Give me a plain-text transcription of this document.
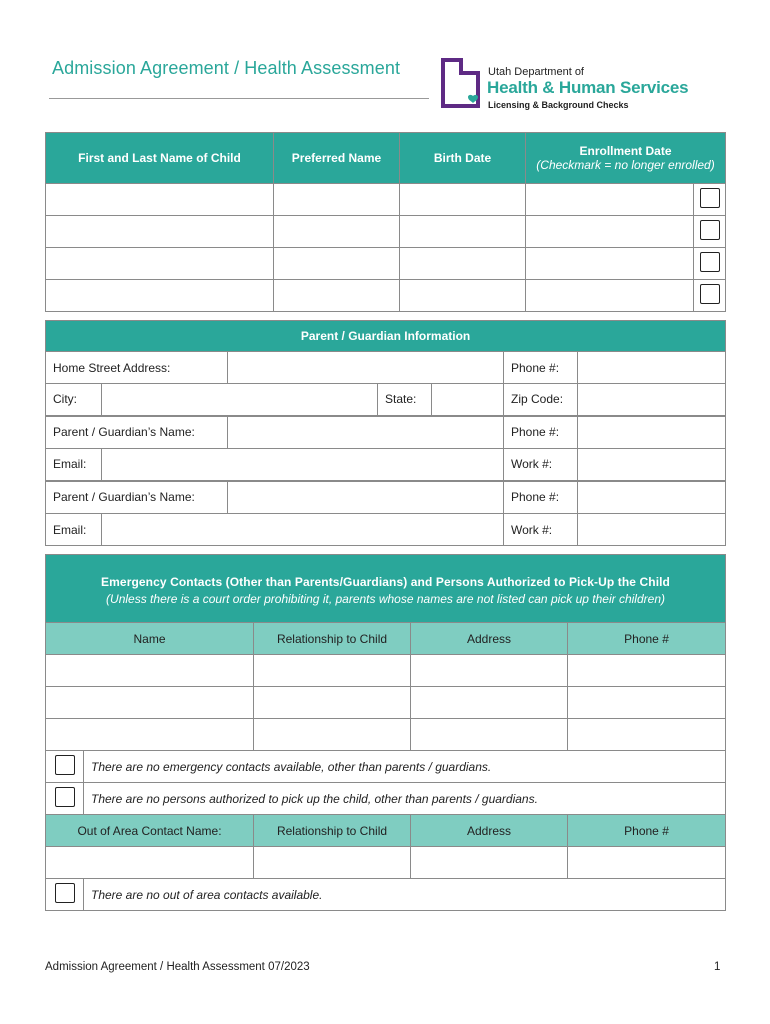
Admission Agreement / Health Assessment	Utah Department of
Health & Human Services
Licensing & Background Checks
First and Last Name of Child	Preferred Name	Birth Date	Enrollment Date
(Checkmark = no longer enrolled)	

Parent / Guardian Information						
Home Street Address:					Phone #:	
City:			State:		Zip Code:	
Parent / Guardian’s Name:					Phone #:	
Email:					Work #:	
Parent / Guardian’s Name:					Phone #:	
Email:					Work #:	
Emergency Contacts (Other than Parents/Guardians) and Persons Authorized to Pick-Up the Child
(Unless there is a court order prohibiting it, parents whose names are not listed can pick up their children)				

Name		Relationship to Child	Address	Phone #

	There are no emergency contacts available, other than parents / guardians.			
	There are no persons authorized to pick up the child, other than parents / guardians.			
Out of Area Contact Name:		Relationship to Child	Address	Phone #

	There are no out of area contacts available.			
Admission Agreement / Health Assessment 07/2023	1
